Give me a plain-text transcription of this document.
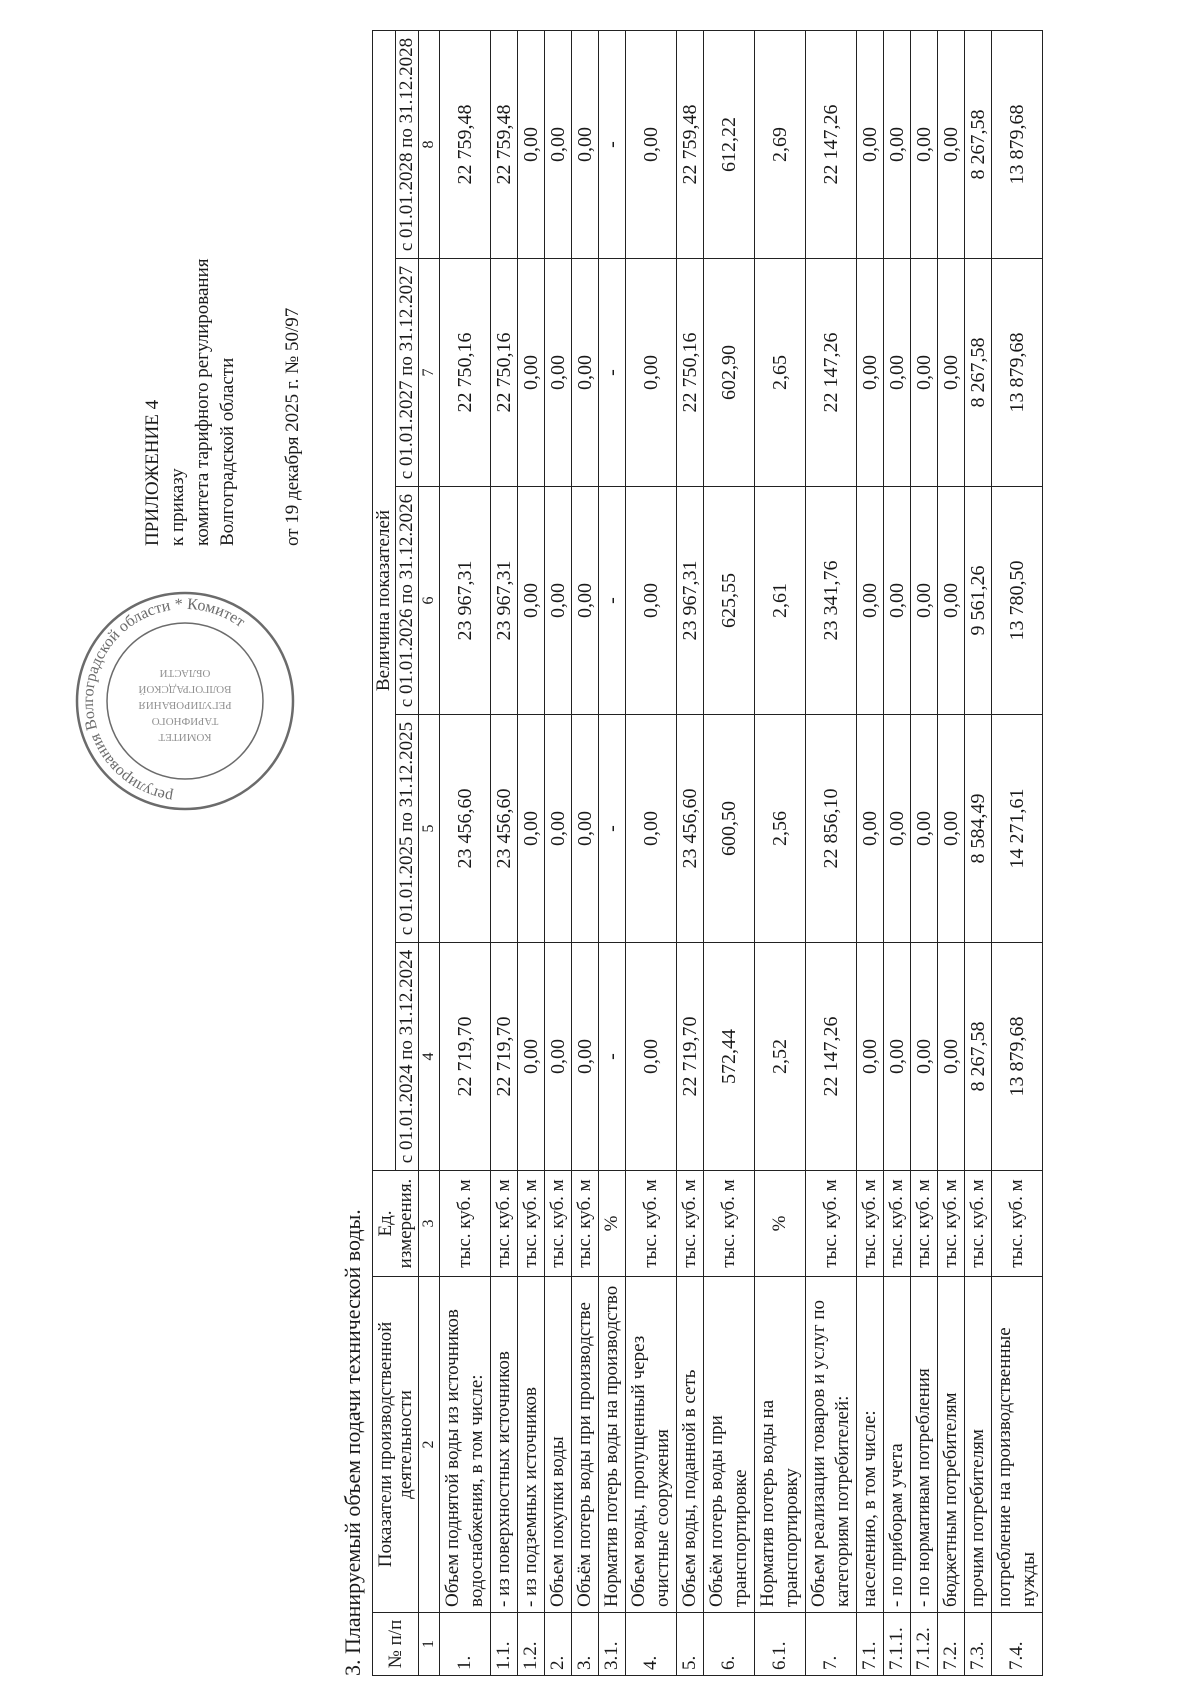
регулирования Волгоградской области * Комитет
КОМИТЕТ
ТАРИФНОГО
РЕГУЛИРОВАНИЯ
ВОЛГОГРАДСКОЙ
ОБЛАСТИ
ПРИЛОЖЕНИЕ 4 к приказу комитета тарифного регулирования Волгоградской области от 19 декабря 2025 г. № 50/97
3. Планируемый объем подачи технической воды. № п/п	Показатели производственной деятельности	Ед. измерения.	Величина показателей				
			с 01.01.2024 по 31.12.2024	с 01.01.2025 по 31.12.2025	с 01.01.2026 по 31.12.2026	с 01.01.2027 по 31.12.2027	с 01.01.2028 по 31.12.2028
1	2	3	4	5	6	7	8
1.	Объем поднятой воды из источников водоснабжения, в том числе:	тыс. куб. м	22 719,70	23 456,60	23 967,31	22 750,16	22 759,48
1.1.	- из поверхностных источников	тыс. куб. м	22 719,70	23 456,60	23 967,31	22 750,16	22 759,48
1.2.	- из подземных источников	тыс. куб. м	0,00	0,00	0,00	0,00	0,00
2.	Объем покупки воды	тыс. куб. м	0,00	0,00	0,00	0,00	0,00
3.	Объём потерь воды при производстве	тыс. куб. м	0,00	0,00	0,00	0,00	0,00
3.1.	Норматив потерь воды на производство	%	-	-	-	-	-
4.	Объем воды, пропущенный через очистные сооружения	тыс. куб. м	0,00	0,00	0,00	0,00	0,00
5.	Объем воды, поданной в сеть	тыс. куб. м	22 719,70	23 456,60	23 967,31	22 750,16	22 759,48
6.	Объём потерь воды при транспортировке	тыс. куб. м	572,44	600,50	625,55	602,90	612,22
6.1.	Норматив потерь воды на транспортировку	%	2,52	2,56	2,61	2,65	2,69
7.	Объем реализации товаров и услуг по категориям потребителей:	тыс. куб. м	22 147,26	22 856,10	23 341,76	22 147,26	22 147,26
7.1.	населению, в том числе:	тыс. куб. м	0,00	0,00	0,00	0,00	0,00
7.1.1.	- по приборам учета	тыс. куб. м	0,00	0,00	0,00	0,00	0,00
7.1.2.	- по нормативам потребления	тыс. куб. м	0,00	0,00	0,00	0,00	0,00
7.2.	бюджетным потребителям	тыс. куб. м	0,00	0,00	0,00	0,00	0,00
7.3.	прочим потребителям	тыс. куб. м	8 267,58	8 584,49	9 561,26	8 267,58	8 267,58
7.4.	потребление на производственные нужды	тыс. куб. м	13 879,68	14 271,61	13 780,50	13 879,68	13 879,68
